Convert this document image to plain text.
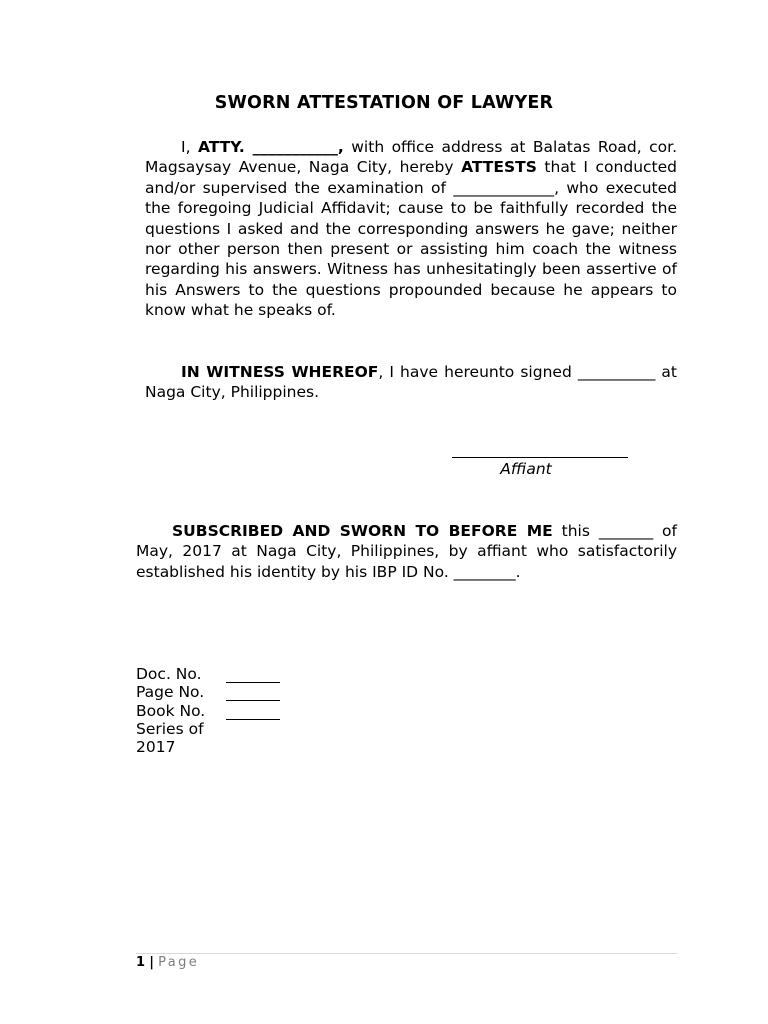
SWORN ATTESTATION OF LAWYER

I, ATTY. ___________, with office address at Balatas Road, cor. Magsaysay Avenue, Naga City, hereby ATTESTS that I conducted and/or supervised the examination of _____________, who executed the foregoing Judicial Affidavit; cause to be faithfully recorded the questions I asked and the corresponding answers he gave; neither nor other person then present or assisting him coach the witness regarding his answers. Witness has unhesitatingly been assertive of his Answers to the questions propounded because he appears to know what he speaks of.

IN WITNESS WHEREOF, I have hereunto signed __________ at Naga City, Philippines.

Affiant

SUBSCRIBED AND SWORN TO BEFORE ME this _______ of May, 2017 at Naga City, Philippines, by affiant who satisfactorily established his identity by his IBP ID No. ________.

Doc. No.
Page No.
Book No.
Series of
2017
1 | Page
